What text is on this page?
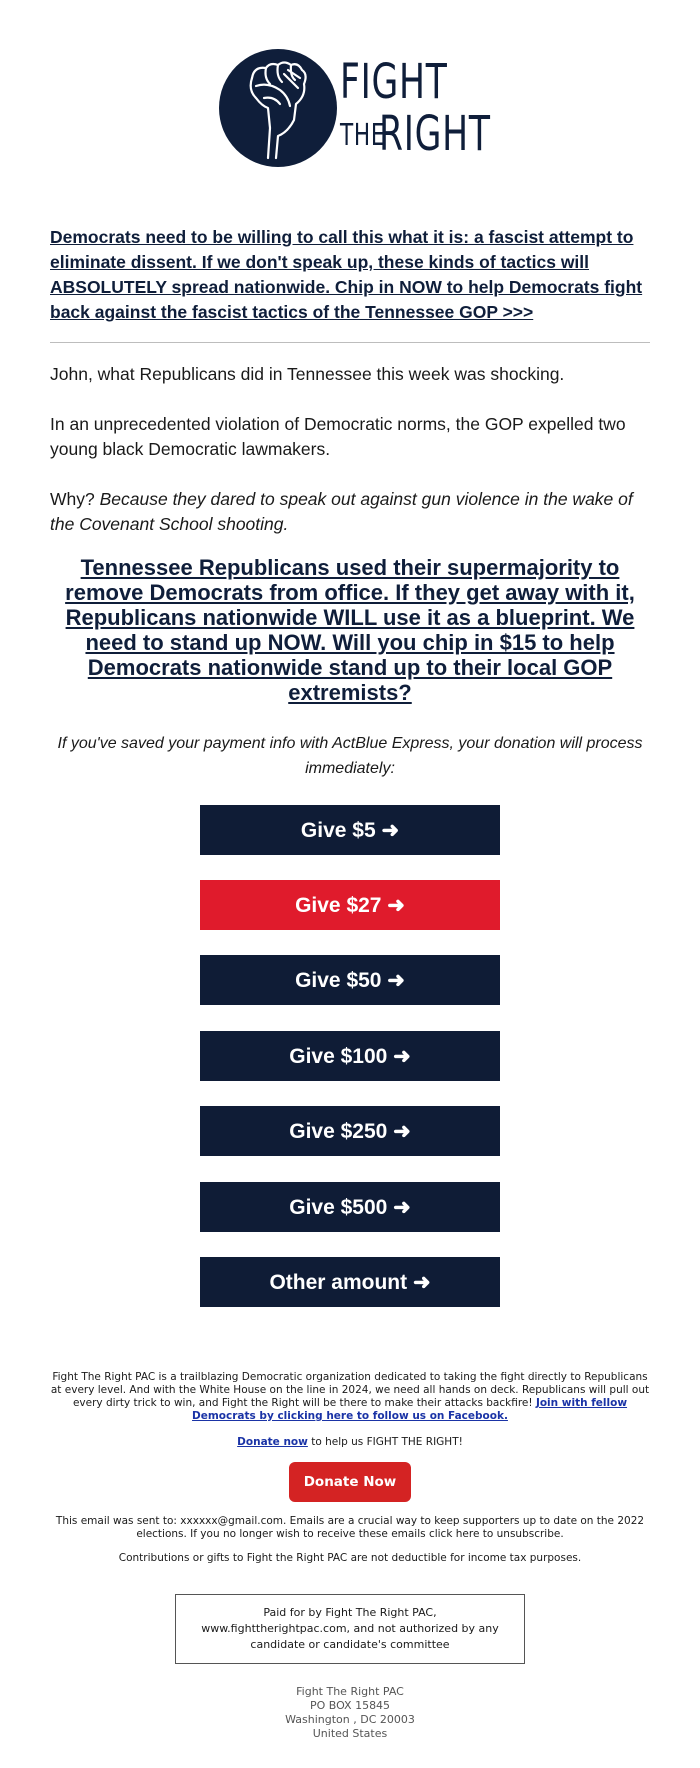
FIGHT
THE
RIGHT
Democrats need to be willing to call this what it is: a fascist attempt to eliminate dissent. If we don't speak up, these kinds of tactics will ABSOLUTELY spread nationwide. Chip in NOW to help Democrats fight back against the fascist tactics of the Tennessee GOP >>>
John, what Republicans did in Tennessee this week was shocking.
In an unprecedented violation of Democratic norms, the GOP expelled two young black Democratic lawmakers.
Why? Because they dared to speak out against gun violence in the wake of the Covenant School shooting.
Tennessee Republicans used their supermajority to remove Democrats from office. If they get away with it, Republicans nationwide WILL use it as a blueprint. We need to stand up NOW. Will you chip in $15 to help Democrats nationwide stand up to their local GOP extremists?
If you've saved your payment info with ActBlue Express, your donation will process immediately:
Give $5 ➜
Give $27 ➜
Give $50 ➜
Give $100 ➜
Give $250 ➜
Give $500 ➜
Other amount ➜
Fight The Right PAC is a trailblazing Democratic organization dedicated to taking the fight directly to Republicans at every level. And with the White House on the line in 2024, we need all hands on deck. Republicans will pull out every dirty trick to win, and Fight the Right will be there to make their attacks backfire! Join with fellow Democrats by clicking here to follow us on Facebook.
Donate now to help us FIGHT THE RIGHT!
Donate Now
This email was sent to: xxxxxx@gmail.com. Emails are a crucial way to keep supporters up to date on the 2022 elections. If you no longer wish to receive these emails click here to unsubscribe.
Contributions or gifts to Fight the Right PAC are not deductible for income tax purposes.
Paid for by Fight The Right PAC, www.fighttherightpac.com, and not authorized by any candidate or candidate's committee
Fight The Right PAC
PO BOX 15845
Washington , DC 20003
United States
